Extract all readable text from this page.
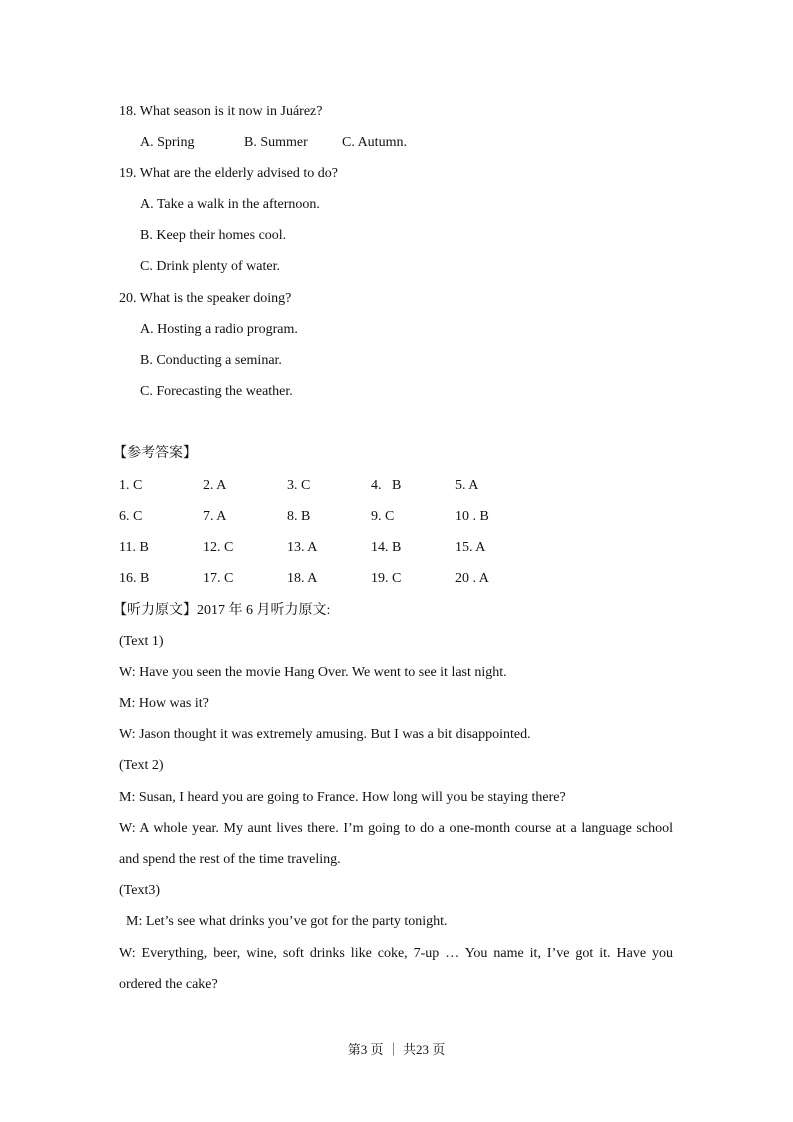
18. What season is it now in Juárez?
A. Spring	B. Summer C. Autumn.
19. What are the elderly advised to do?
A. Take a walk in the afternoon.
B. Keep their homes cool.
C. Drink plenty of water.
20. What is the speaker doing?
A. Hosting a radio program.
B. Conducting a seminar.
C. Forecasting the weather.
【参考答案】
1. C	2. A	3. C	4.   B	5. A
6. C	7. A	8. B	9. C	10 . B
11. B	12. C	13. A	14. B	15. A
16. B	17. C	18. A	19. C	20 . A
【听力原文】2017 年 6 月听力原文:
(Text 1)
W: Have you seen the movie Hang Over. We went to see it last night.
M: How was it?
W: Jason thought it was extremely amusing. But I was a bit disappointed.
(Text 2)
M: Susan, I heard you are going to France. How long will you be staying there?
W: A whole year. My aunt lives there. I’m going to do a one-month course at a language school
and spend the rest of the time traveling.
(Text3)
M: Let’s see what drinks you’ve got for the party tonight.
W: Everything, beer, wine, soft drinks like coke, 7-up … You name it, I’ve got it. Have you
ordered the cake?
第3 页 ｜ 共23 页
